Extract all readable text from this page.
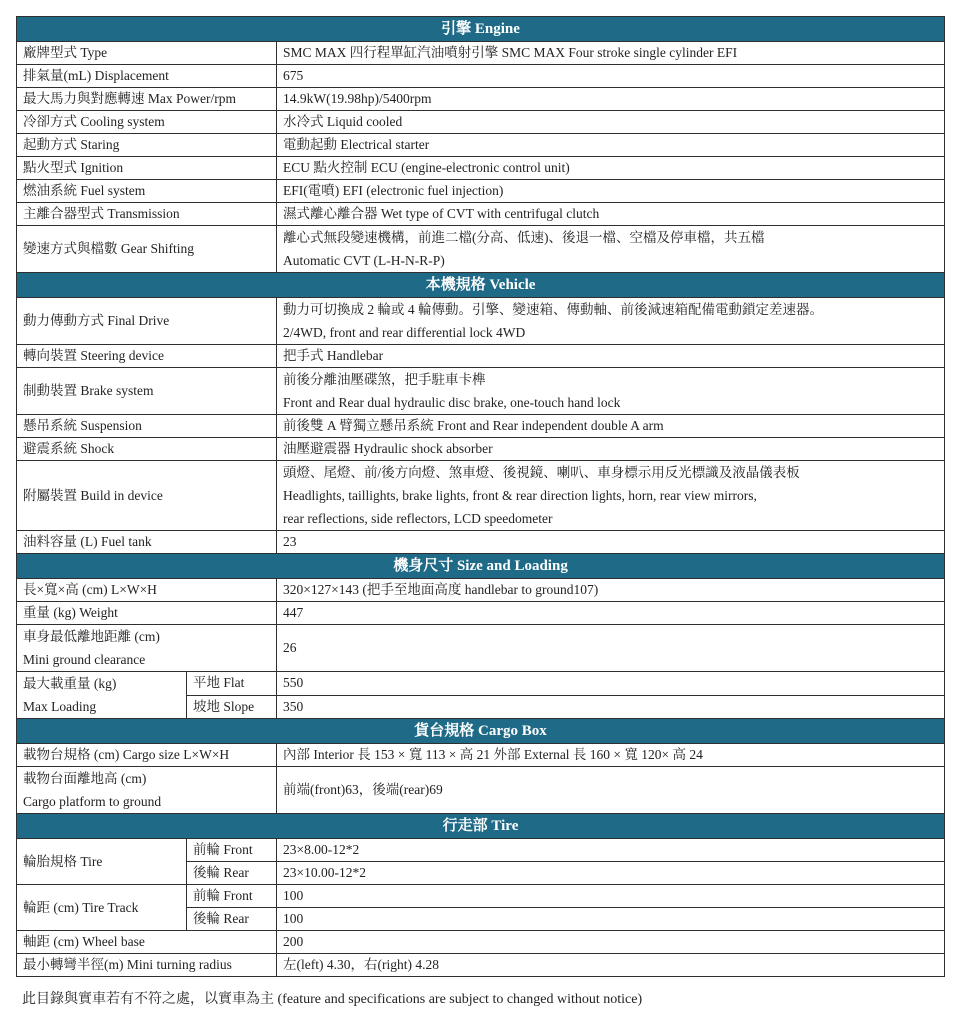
引擎 Engine		
廠牌型式 Type		SMC MAX 四行程單缸汽油噴射引擎 SMC MAX Four stroke single cylinder EFI
排氣量(mL) Displacement		675
最大馬力與對應轉速 Max Power/rpm		14.9kW(19.98hp)/5400rpm
冷卻方式 Cooling system		水冷式 Liquid cooled
起動方式 Staring		電動起動 Electrical starter
點火型式 Ignition		ECU 點火控制 ECU (engine-electronic control unit)
燃油系統 Fuel system		EFI(電噴) EFI (electronic fuel injection)
主離合器型式 Transmission		濕式離心離合器 Wet type of CVT with centrifugal clutch
變速方式與檔數 Gear Shifting		離心式無段變速機構，前進二檔(分高、低速)、後退一檔、空檔及停車檔，共五檔
Automatic CVT (L-H-N-R-P)

本機規格 Vehicle		
動力傳動方式 Final Drive		動力可切換成 2 輪或 4 輪傳動。引擎、變速箱、傳動軸、前後減速箱配備電動鎖定差速器。
2/4WD, front and rear differential lock 4WD

轉向裝置 Steering device		把手式 Handlebar
制動裝置 Brake system		前後分離油壓碟煞，把手駐車卡榫
Front and Rear dual hydraulic disc brake, one-touch hand lock

懸吊系統 Suspension		前後雙 A 臂獨立懸吊系統 Front and Rear independent double A arm
避震系統 Shock		油壓避震器 Hydraulic shock absorber
附屬裝置 Build in device		頭燈、尾燈、前/後方向燈、煞車燈、後視鏡、喇叭、車身標示用反光標識及液晶儀表板
Headlights, taillights, brake lights, front & rear direction lights, horn, rear view mirrors,
rear reflections, side reflectors, LCD speedometer

油料容量 (L) Fuel tank		23
機身尺寸 Size and Loading		
長×寬×高 (cm) L×W×H		320×127×143 (把手至地面高度 handlebar to ground107)
重量 (kg) Weight		447

車身最低離地距離 (cm)
Mini ground clearance		26

最大載重量 (kg)
Max Loading	平地 Flat	550
	坡地 Slope	350
貨台規格 Cargo Box		
載物台規格 (cm) Cargo size L×W×H		內部 Interior 長 153 × 寬 113 × 高 21 外部 External 長 160 × 寬 120× 高 24

載物台面離地高 (cm)
Cargo platform to ground		前端(front)63，後端(rear)69
行走部 Tire		
輪胎規格 Tire	前輪 Front	23×8.00-12*2
	後輪 Rear	23×10.00-12*2
輪距 (cm) Tire Track	前輪 Front	100
	後輪 Rear	100
軸距 (cm) Wheel base		200
最小轉彎半徑(m) Mini turning radius		左(left) 4.30，右(right) 4.28
此目錄與實車若有不符之處，以實車為主 (feature and specifications are subject to changed without notice)
